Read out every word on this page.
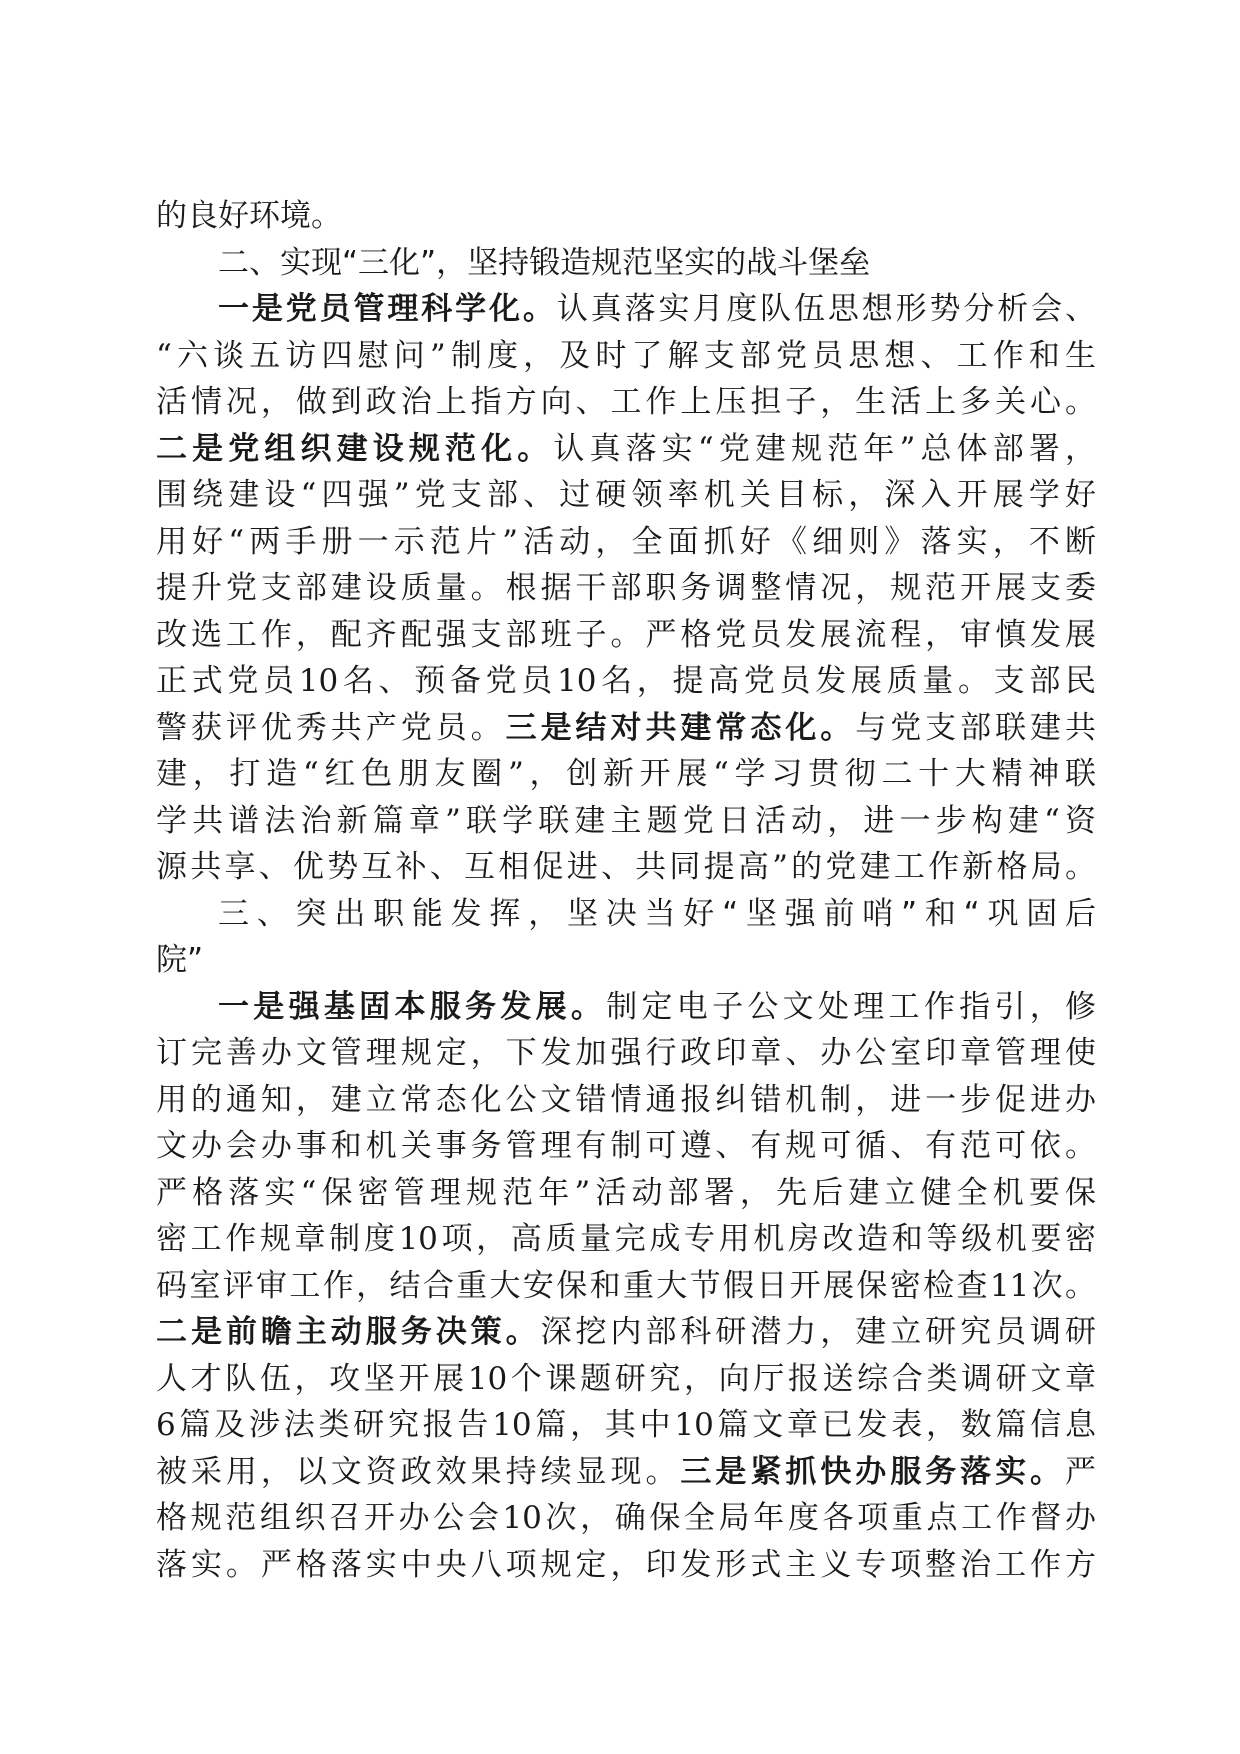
的良好环境。
二、实现“三化”，坚持锻造规范坚实的战斗堡垒
一是党员管理科学化。认真落实月度队伍思想形势分析会、
“六谈五访四慰问”制度，及时了解支部党员思想、工作和生
活情况，做到政治上指方向、工作上压担子，生活上多关心。
二是党组织建设规范化。认真落实“党建规范年”总体部署，
围绕建设“四强”党支部、过硬领率机关目标，深入开展学好
用好“两手册一示范片”活动，全面抓好《细则》落实，不断
提升党支部建设质量。根据干部职务调整情况，规范开展支委
改选工作，配齐配强支部班子。严格党员发展流程，审慎发展
正式党员10名、预备党员10名，提高党员发展质量。支部民
警获评优秀共产党员。三是结对共建常态化。与党支部联建共
建，打造“红色朋友圈”，创新开展“学习贯彻二十大精神联
学共谱法治新篇章”联学联建主题党日活动，进一步构建“资
源共享、优势互补、互相促进、共同提高”的党建工作新格局。
三、突出职能发挥，坚决当好“坚强前哨”和“巩固后
院”
一是强基固本服务发展。制定电子公文处理工作指引，修
订完善办文管理规定，下发加强行政印章、办公室印章管理使
用的通知，建立常态化公文错情通报纠错机制，进一步促进办
文办会办事和机关事务管理有制可遵、有规可循、有范可依。
严格落实“保密管理规范年”活动部署，先后建立健全机要保
密工作规章制度10项，高质量完成专用机房改造和等级机要密
码室评审工作，结合重大安保和重大节假日开展保密检查11次。
二是前瞻主动服务决策。深挖内部科研潜力，建立研究员调研
人才队伍，攻坚开展10个课题研究，向厅报送综合类调研文章
6篇及涉法类研究报告10篇，其中10篇文章已发表，数篇信息
被采用，以文资政效果持续显现。三是紧抓快办服务落实。严
格规范组织召开办公会10次，确保全局年度各项重点工作督办
落实。严格落实中央八项规定，印发形式主义专项整治工作方
